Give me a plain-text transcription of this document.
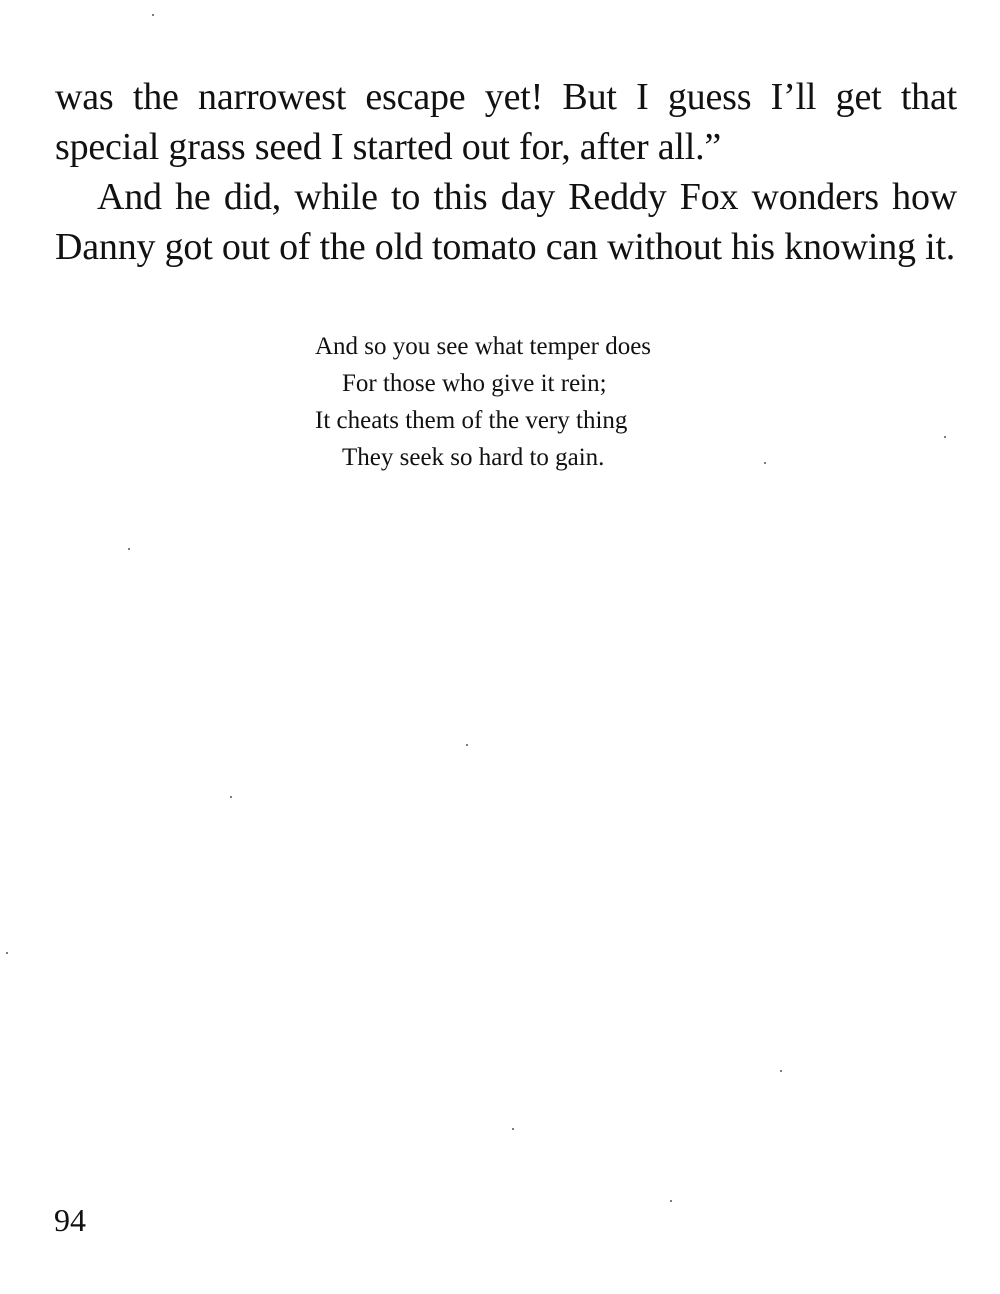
was the narrowest escape yet! But I guess I’ll get that special grass seed I started out for, after all.”

And he did, while to this day Reddy Fox wonders how Danny got out of the old tomato can without his knowing it.

And so you see what temper does
For those who give it rein;
It cheats them of the very thing
They seek so hard to gain.
94
